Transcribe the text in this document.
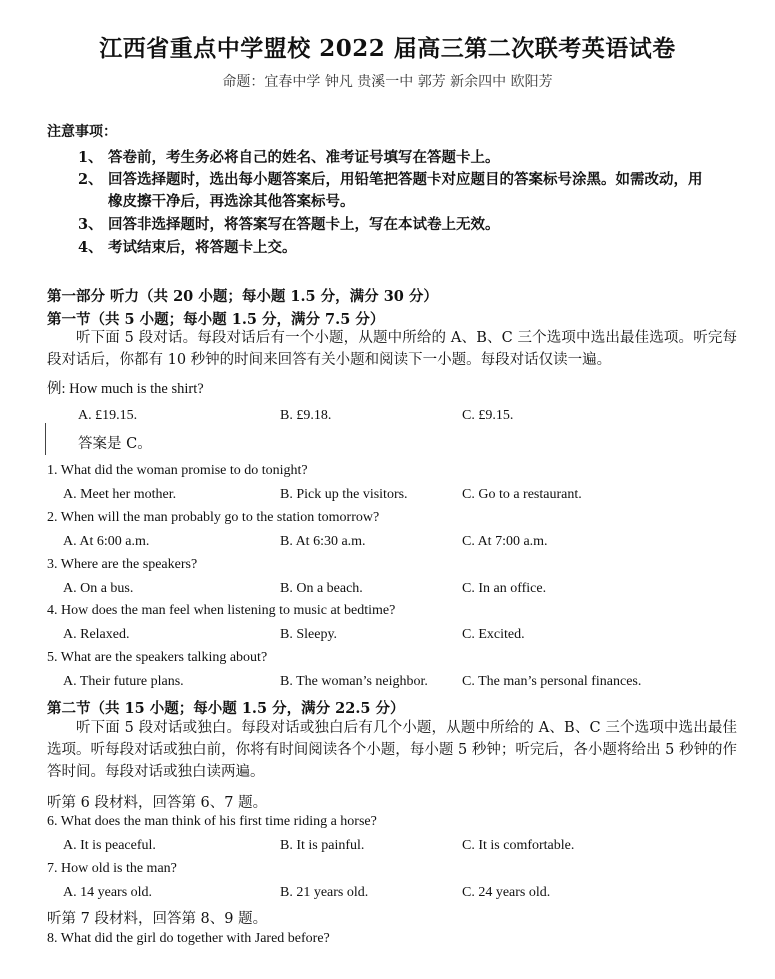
江西省重点中学盟校 2022 届高三第二次联考英语试卷
命题：宜春中学 钟凡 贵溪一中 郭芳 新余四中 欧阳芳
注意事项：
1、 答卷前，考生务必将自己的姓名、准考证号填写在答题卡上。
2、 回答选择题时，选出每小题答案后，用铅笔把答题卡对应题目的答案标号涂黑。如需改动，用
橡皮擦干净后，再选涂其他答案标号。
3、 回答非选择题时，将答案写在答题卡上，写在本试卷上无效。
4、 考试结束后，将答题卡上交。
第一部分 听力（共 20 小题；每小题 1.5 分，满分 30 分）
第一节（共 5 小题；每小题 1.5 分，满分 7.5 分）
听下面 5 段对话。每段对话后有一个小题，从题中所给的 A、B、C 三个选项中选出最佳选项。听完每段对话后，你都有 10 秒钟的时间来回答有关小题和阅读下一小题。每段对话仅读一遍。
例: How much is the shirt?
A. £19.15.	B. £9.18.	C. £9.15.
答案是 C。
1. What did the woman promise to do tonight?
A. Meet her mother.	B. Pick up the visitors.	C. Go to a restaurant.
2. When will the man probably go to the station tomorrow?
A. At 6:00 a.m.	B. At 6:30 a.m.	C. At 7:00 a.m.
3. Where are the speakers?
A. On a bus.	B. On a beach.	C. In an office.
4. How does the man feel when listening to music at bedtime?
A. Relaxed.	B. Sleepy.	C. Excited.
5. What are the speakers talking about?
A. Their future plans.	B. The woman’s neighbor. C. The man’s personal finances.
第二节（共 15 小题；每小题 1.5 分，满分 22.5 分）
听下面 5 段对话或独白。每段对话或独白后有几个小题，从题中所给的 A、B、C 三个选项中选出最佳选项。听每段对话或独白前，你将有时间阅读各个小题，每小题 5 秒钟；听完后，各小题将给出 5 秒钟的作答时间。每段对话或独白读两遍。
听第 6 段材料，回答第 6、7 题。
6. What does the man think of his first time riding a horse?
A. It is peaceful.	B. It is painful.	C. It is comfortable.
7. How old is the man?
A. 14 years old.	B. 21 years old.	C. 24 years old.
听第 7 段材料，回答第 8、9 题。
8. What did the girl do together with Jared before?
